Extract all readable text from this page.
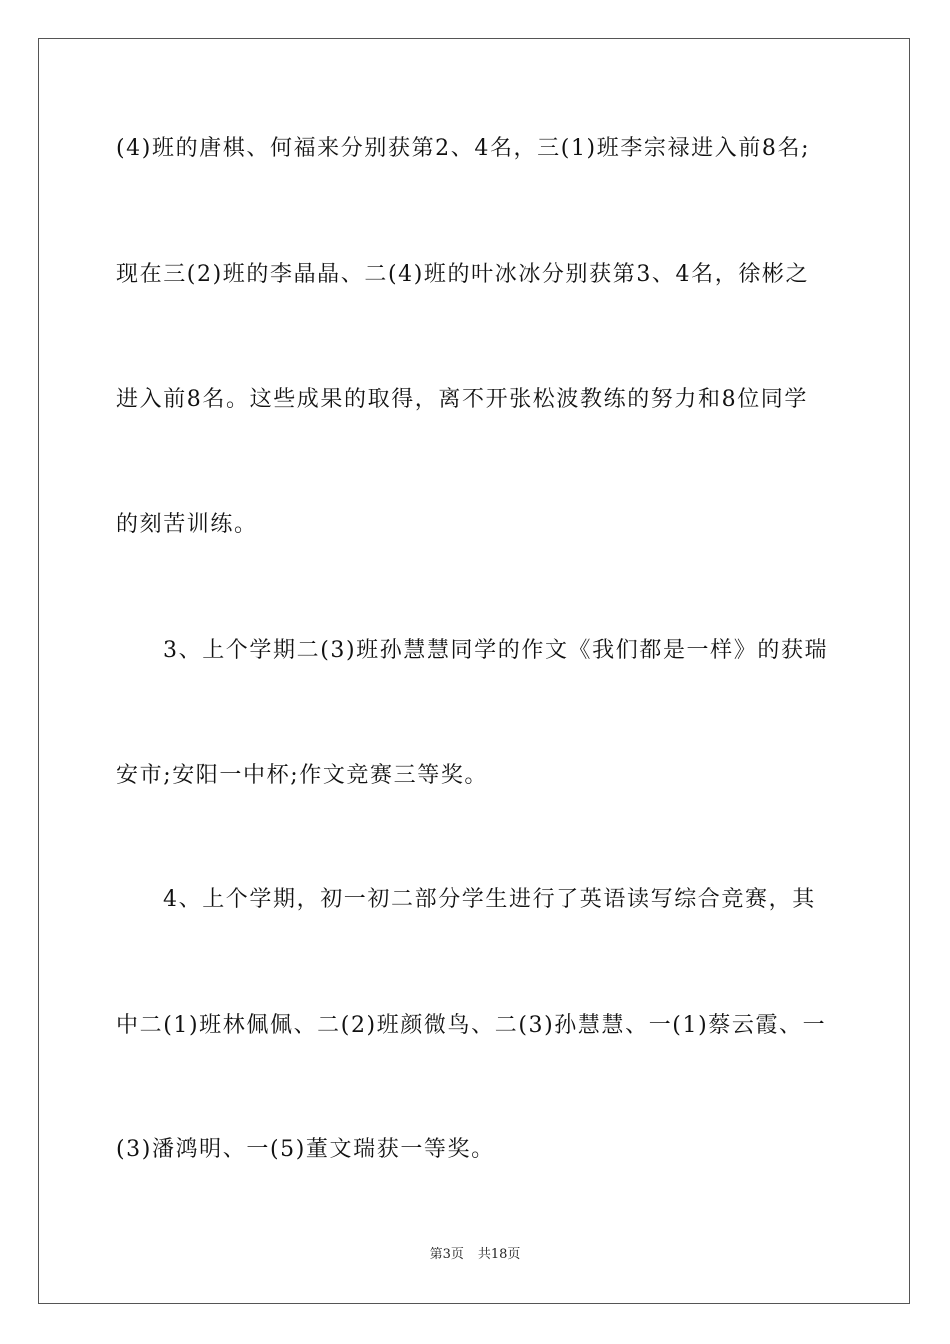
(4)班的唐棋、何福来分别获第2、4名，三(1)班李宗禄进入前8名;
现在三(2)班的李晶晶、二(4)班的叶冰冰分别获第3、4名，徐彬之
进入前8名。这些成果的取得，离不开张松波教练的努力和8位同学
的刻苦训练。
3、上个学期二(3)班孙慧慧同学的作文《我们都是一样》的获瑞
安市;安阳一中杯;作文竞赛三等奖。
4、上个学期，初一初二部分学生进行了英语读写综合竞赛，其
中二(1)班林佩佩、二(2)班颜微鸟、二(3)孙慧慧、一(1)蔡云霞、一
(3)潘鸿明、一(5)董文瑞获一等奖。
第3页 共18页
